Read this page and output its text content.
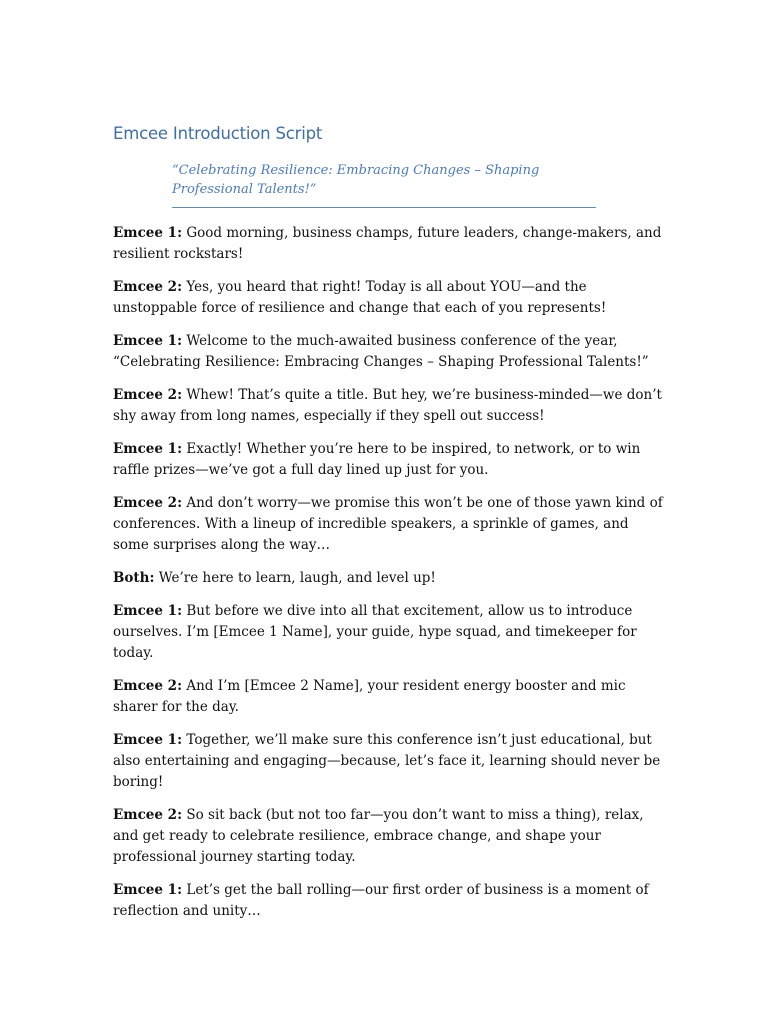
Emcee Introduction Script

“Celebrating Resilience: Embracing Changes – Shaping Professional Talents!”

Emcee 1: Good morning, business champs, future leaders, change-makers, and resilient rockstars!

Emcee 2: Yes, you heard that right! Today is all about YOU—and the unstoppable force of resilience and change that each of you represents!

Emcee 1: Welcome to the much-awaited business conference of the year, “Celebrating Resilience: Embracing Changes – Shaping Professional Talents!”

Emcee 2: Whew! That’s quite a title. But hey, we’re business-minded—we don’t shy away from long names, especially if they spell out success!

Emcee 1: Exactly! Whether you’re here to be inspired, to network, or to win raffle prizes—we’ve got a full day lined up just for you.

Emcee 2: And don’t worry—we promise this won’t be one of those yawn kind of conferences. With a lineup of incredible speakers, a sprinkle of games, and some surprises along the way…

Both: We’re here to learn, laugh, and level up!

Emcee 1: But before we dive into all that excitement, allow us to introduce ourselves. I’m [Emcee 1 Name], your guide, hype squad, and timekeeper for today.

Emcee 2: And I’m [Emcee 2 Name], your resident energy booster and mic sharer for the day.

Emcee 1: Together, we’ll make sure this conference isn’t just educational, but also entertaining and engaging—because, let’s face it, learning should never be boring!

Emcee 2: So sit back (but not too far—you don’t want to miss a thing), relax, and get ready to celebrate resilience, embrace change, and shape your professional journey starting today.

Emcee 1: Let’s get the ball rolling—our first order of business is a moment of reflection and unity…
